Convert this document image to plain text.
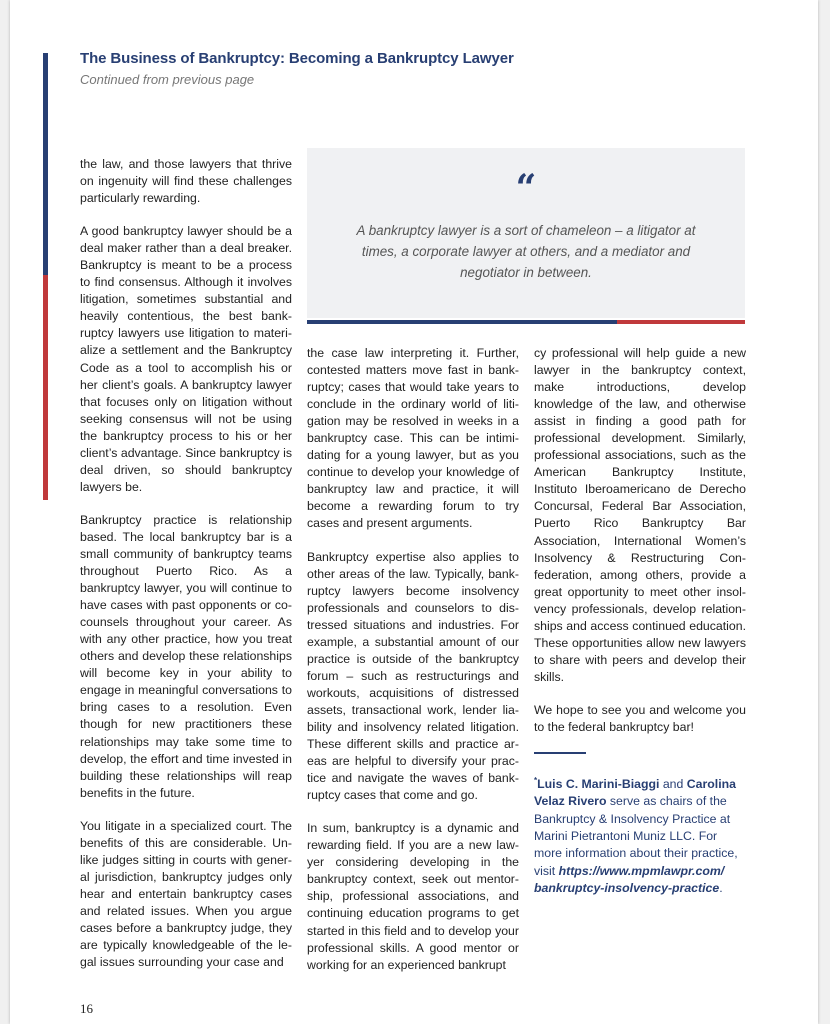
The Business of Bankruptcy: Becoming a Bankruptcy Lawyer
Continued from previous page
“
A bankruptcy lawyer is a sort of chameleon – a litigator at times, a corporate lawyer at others, and a mediator and negotiator in between.

the law, and those lawyers that thrive on ingenuity will find these challenges particularly rewarding.

A good bankruptcy lawyer should be a deal maker rather than a deal breaker. Bankruptcy is meant to be a process to find consensus. Although it involves litigation, sometimes substantial and heavily contentious, the best bankruptcy lawyers use litigation to materialize a settlement and the Bankruptcy Code as a tool to accomplish his or her client’s goals. A bankruptcy lawyer that focuses only on litigation without seeking consensus will not be using the bankruptcy process to his or her client’s advantage. Since bankruptcy is deal driven, so should bankruptcy lawyers be.

Bankruptcy practice is relationship based. The local bankruptcy bar is a small community of bankruptcy teams throughout Puerto Rico. As a bankruptcy lawyer, you will continue to have cases with past opponents or co-counsels throughout your career. As with any other practice, how you treat others and develop these relationships will become key in your ability to engage in meaningful conversations to bring cases to a resolution. Even though for new practitioners these relationships may take some time to develop, the effort and time invested in building these relationships will reap benefits in the future.

You litigate in a specialized court. The benefits of this are considerable. Unlike judges sitting in courts with general jurisdiction, bankruptcy judges only hear and entertain bankruptcy cases and related issues. When you argue cases before a bankruptcy judge, they are typically knowledgeable of the legal issues surrounding your case and

the case law interpreting it. Further, contested matters move fast in bankruptcy; cases that would take years to conclude in the ordinary world of litigation may be resolved in weeks in a bankruptcy case. This can be intimidating for a young lawyer, but as you continue to develop your knowledge of bankruptcy law and practice, it will become a rewarding forum to try cases and present arguments.

Bankruptcy expertise also applies to other areas of the law. Typically, bankruptcy lawyers become insolvency professionals and counselors to distressed situations and industries. For example, a substantial amount of our practice is outside of the bankruptcy forum – such as restructurings and workouts, acquisitions of distressed assets, transactional work, lender liability and insolvency related litigation. These different skills and practice areas are helpful to diversify your practice and navigate the waves of bankruptcy cases that come and go.

In sum, bankruptcy is a dynamic and rewarding field. If you are a new lawyer considering developing in the bankruptcy context, seek out mentorship, professional associations, and continuing education programs to get started in this field and to develop your professional skills. A good mentor or working for an experienced bankrupt

cy professional will help guide a new lawyer in the bankruptcy context, make introductions, develop knowledge of the law, and otherwise assist in finding a good path for professional development. Similarly, professional associations, such as the American Bankruptcy Institute, Instituto Iberoamericano de Derecho Concursal, Federal Bar Association, Puerto Rico Bankruptcy Bar Association, International Women’s Insolvency & Restructuring Confederation, among others, provide a great opportunity to meet other insolvency professionals, develop relationships and access continued education. These opportunities allow new lawyers to share with peers and develop their skills.

We hope to see you and welcome you to the federal bankruptcy bar!

*Luis C. Marini-Biaggi and Carolina Velaz Rivero serve as chairs of the Bankruptcy & Insolvency Practice at Marini Pietrantoni Muniz LLC. For more information about their practice, visit https://www.mpmlawpr.com/ bankruptcy-insolvency-practice.
16
